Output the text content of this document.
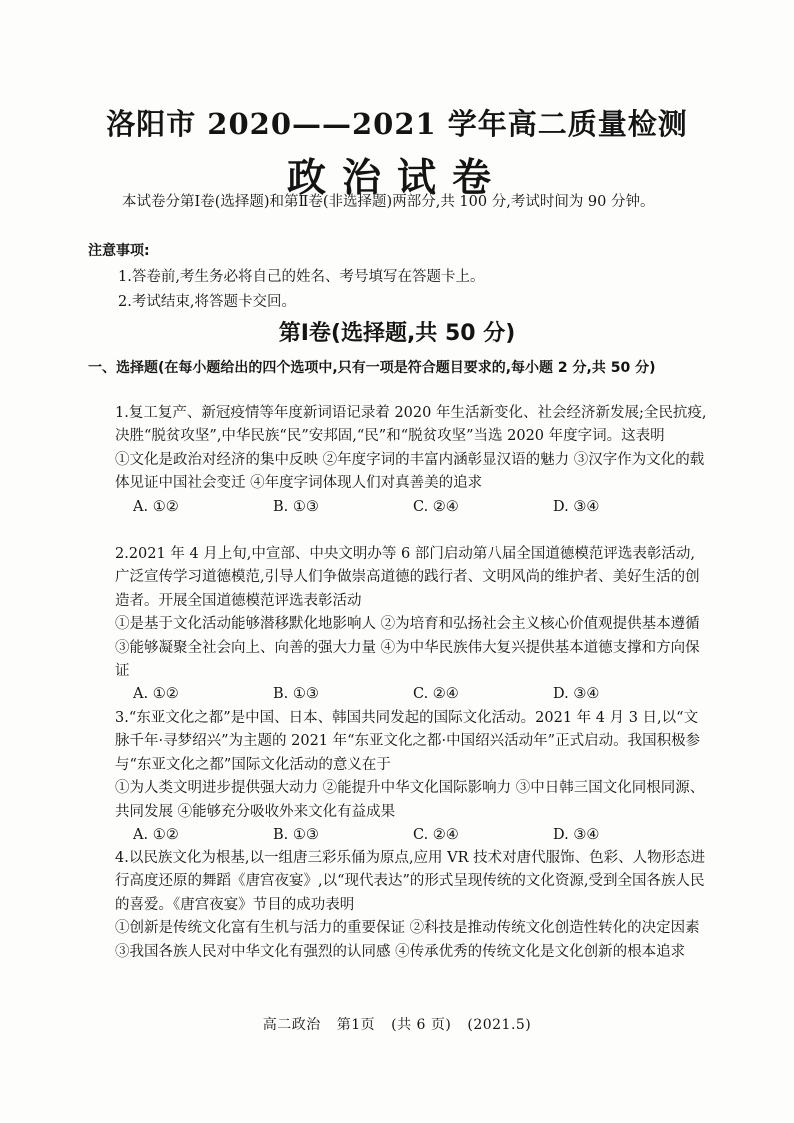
洛阳市 2020——2021 学年高二质量检测
政治试卷
本试卷分第Ⅰ卷(选择题)和第Ⅱ卷(非选择题)两部分,共 100 分,考试时间为 90 分钟。
注意事项:
1.答卷前,考生务必将自己的姓名、考号填写在答题卡上。
2.考试结束,将答题卡交回。
第Ⅰ卷(选择题,共 50 分)
一、选择题(在每小题给出的四个选项中,只有一项是符合题目要求的,每小题 2 分,共 50 分)

1.复工复产、新冠疫情等年度新词语记录着 2020 年生活新变化、社会经济新发展;全民抗疫,决胜“脱贫攻坚”,中华民族“民”安邦固,“民”和“脱贫攻坚”当选 2020 年度字词。这表明

①文化是政治对经济的集中反映 ②年度字词的丰富内涵彰显汉语的魅力 ③汉字作为文化的载体见证中国社会变迁 ④年度字词体现人们对真善美的追求

A. ①②	B. ①③	C. ②④	D. ③④

2.2021 年 4 月上旬,中宣部、中央文明办等 6 部门启动第八届全国道德模范评选表彰活动,广泛宣传学习道德模范,引导人们争做崇高道德的践行者、文明风尚的维护者、美好生活的创造者。开展全国道德模范评选表彰活动

①是基于文化活动能够潜移默化地影响人 ②为培育和弘扬社会主义核心价值观提供基本遵循 ③能够凝聚全社会向上、向善的强大力量 ④为中华民族伟大复兴提供基本道德支撑和方向保证

A. ①②	B. ①③	C. ②④	D. ③④

3.“东亚文化之都”是中国、日本、韩国共同发起的国际文化活动。2021 年 4 月 3 日,以“文脉千年·寻梦绍兴”为主题的 2021 年“东亚文化之都·中国绍兴活动年”正式启动。我国积极参与“东亚文化之都”国际文化活动的意义在于

①为人类文明进步提供强大动力 ②能提升中华文化国际影响力 ③中日韩三国文化同根同源、共同发展 ④能够充分吸收外来文化有益成果

A. ①②	B. ①③	C. ②④	D. ③④

4.以民族文化为根基,以一组唐三彩乐俑为原点,应用 VR 技术对唐代服饰、色彩、人物形态进行高度还原的舞蹈《唐宫夜宴》,以“现代表达”的形式呈现传统的文化资源,受到全国各族人民的喜爱。《唐宫夜宴》节目的成功表明

①创新是传统文化富有生机与活力的重要保证 ②科技是推动传统文化创造性转化的决定因素 ③我国各族人民对中华文化有强烈的认同感 ④传承优秀的传统文化是文化创新的根本追求

高二政治 第1页 (共 6 页) (2021.5)
